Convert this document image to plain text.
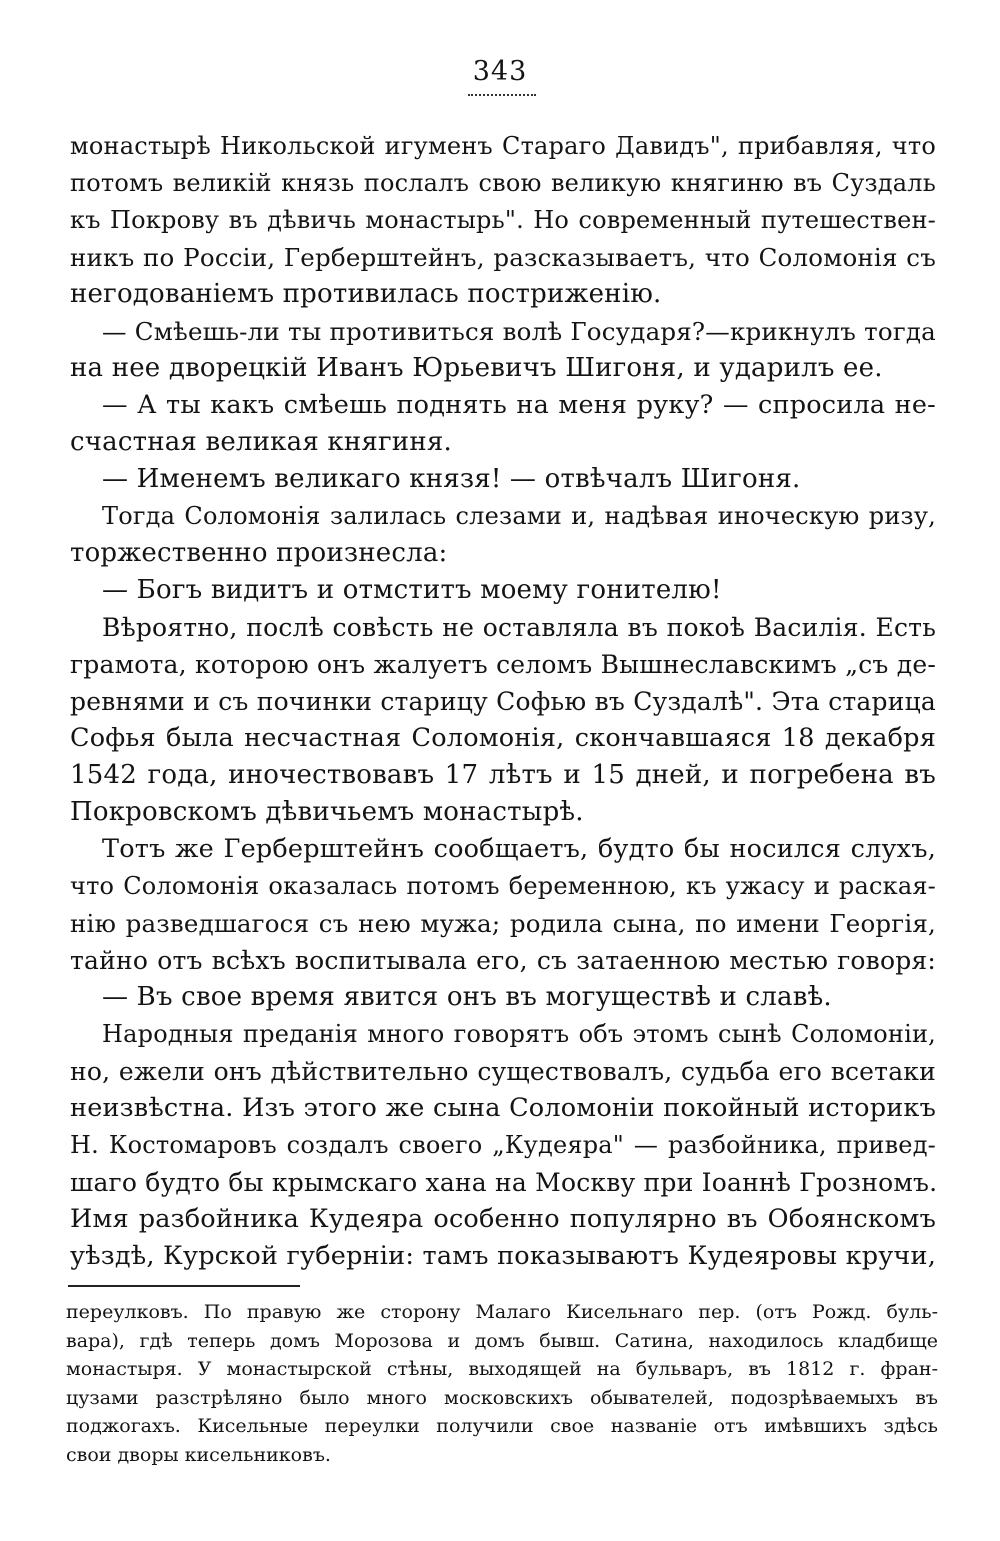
343
монастырѣ Никольской игуменъ Стараго Давидъ", прибавляя, что
потомъ великій князь послалъ свою великую княгиню въ Суздаль
къ Покрову въ дѣвичь монастырь". Но современный путешествен-
никъ по Россіи, Герберштейнъ, разсказываетъ, что Соломонія съ
негодованіемъ противилась постриженію.
— Смѣешь-ли ты противиться волѣ Государя?—крикнулъ тогда
на нее дворецкій Иванъ Юрьевичъ Шигоня, и ударилъ ее.
— А ты какъ смѣешь поднять на меня руку? — спросила не-
счастная великая княгиня.
— Именемъ великаго князя! — отвѣчалъ Шигоня.
Тогда Соломонія залилась слезами и, надѣвая иноческую ризу,
торжественно произнесла:
— Богъ видитъ и отмститъ моему гонителю!
Вѣроятно, послѣ совѣсть не оставляла въ покоѣ Василія. Есть
грамота, которою онъ жалуетъ селомъ Вышнеславскимъ „съ де-
ревнями и съ починки старицу Софью въ Суздалѣ". Эта старица
Софья была несчастная Соломонія, скончавшаяся 18 декабря
1542 года, иночествовавъ 17 лѣтъ и 15 дней, и погребена въ
Покровскомъ дѣвичьемъ монастырѣ.
Тотъ же Герберштейнъ сообщаетъ, будто бы носился слухъ,
что Соломонія оказалась потомъ беременною, къ ужасу и раская-
нію разведшагося съ нею мужа; родила сына, по имени Георгія,
тайно отъ всѣхъ воспитывала его, съ затаенною местью говоря:
— Въ свое время явится онъ въ могуществѣ и славѣ.
Народныя преданія много говорятъ объ этомъ сынѣ Соломоніи,
но, ежели онъ дѣйствительно существовалъ, судьба его всетаки
неизвѣстна. Изъ этого же сына Соломоніи покойный историкъ
Н. Костомаровъ создалъ своего „Кудеяра" — разбойника, привед-
шаго будто бы крымскаго хана на Москву при Іоаннѣ Грозномъ.
Имя разбойника Кудеяра особенно популярно въ Обоянскомъ
уѣздѣ, Курской губерніи: тамъ показываютъ Кудеяровы кручи,
переулковъ. По правую же сторону Малаго Кисельнаго пер. (отъ Рожд. буль-
вара), гдѣ теперь домъ Морозова и домъ бывш. Сатина, находилось кладбище
монастыря. У монастырской стѣны, выходящей на бульваръ, въ 1812 г. фран-
цузами разстрѣляно было много московскихъ обывателей, подозрѣваемыхъ въ
поджогахъ. Кисельные переулки получили свое названіе отъ имѣвшихъ здѣсь
свои дворы кисельниковъ.
